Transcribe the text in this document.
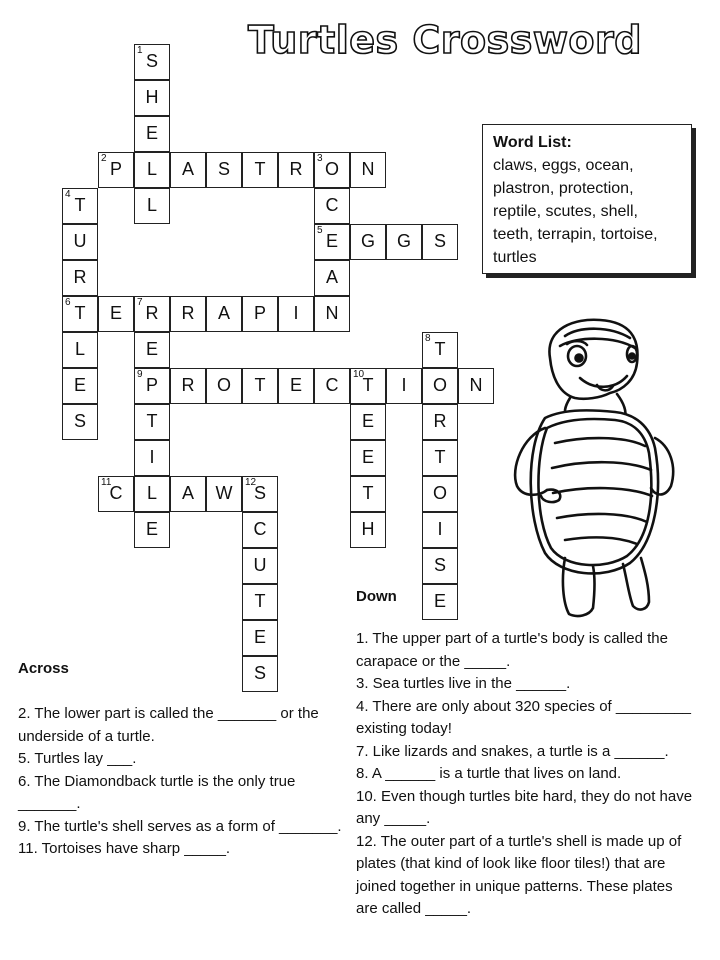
Turtles Crossword
1
S
H
E
L
L
2
P	A S T R
3
O N
C
5
E
A
N
4
T
U
R
6
T
L
E
S
G G S
E
7
R R A P I
E
9
P
T
I
L
E
8
T
O
R
T
O
I
S
E
R O T E C
10
T I	N
E
E
T
H
11
C	A W
12
S
C
U
T
E
S
Word List:
claws, eggs, ocean, plastron, protection, reptile, scutes, shell, teeth, terrapin, tortoise, turtles
Across
2. The lower part is called the _______ or the underside of a turtle.
5. Turtles lay ___.
6. The Diamondback turtle is the only true _______.
9. The turtle's shell serves as a form of _______.
11. Tortoises have sharp _____.
Down
1. The upper part of a turtle's body is called the carapace or the _____.
3. Sea turtles live in the ______.
4. There are only about 320 species of _________ existing today!
7. Like lizards and snakes, a turtle is a ______.
8. A ______ is a turtle that lives on land.
10. Even though turtles bite hard, they do not have any _____.
12. The outer part of a turtle's shell is made up of plates (that kind of look like floor tiles!) that are joined together in unique patterns. These plates are called _____.
